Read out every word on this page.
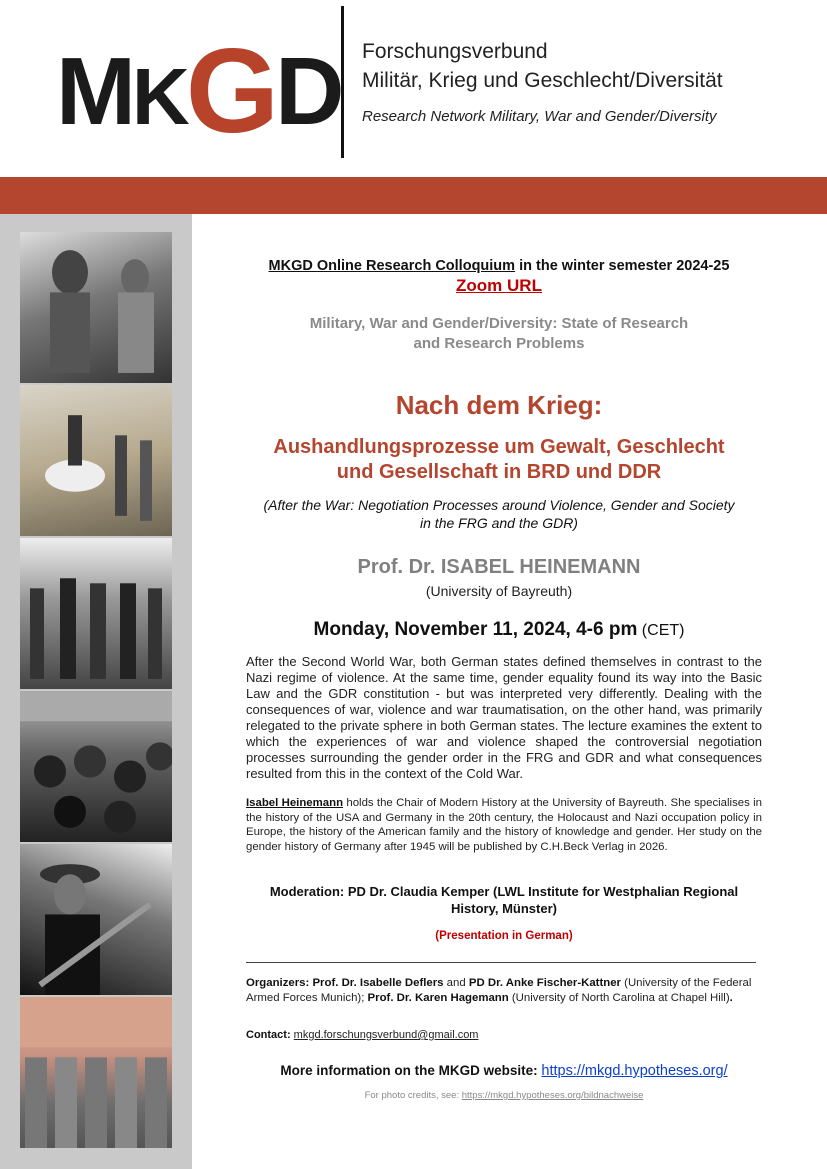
MKGD Forschungsverbund
Militär, Krieg und Geschlecht/Diversität
Research Network Military, War and Gender/Diversity
MKGD Online Research Colloquium in the winter semester 2024-25
Zoom URL
Military, War and Gender/Diversity: State of Research
and Research Problems
Nach dem Krieg:
Aushandlungsprozesse um Gewalt, Geschlecht
und Gesellschaft in BRD und DDR
(After the War: Negotiation Processes around Violence, Gender and Society
in the FRG and the GDR)
Prof. Dr. ISABEL HEINEMANN
(University of Bayreuth)
Monday, November 11, 2024, 4-6 pm (CET)
After the Second World War, both German states defined themselves in contrast to the Nazi regime of violence. At the same time, gender equality found its way into the Basic Law and the GDR constitution - but was interpreted very differently. Dealing with the consequences of war, violence and war traumatisation, on the other hand, was primarily relegated to the private sphere in both German states. The lecture examines the extent to which the experiences of war and violence shaped the controversial negotiation processes surrounding the gender order in the FRG and GDR and what consequences resulted from this in the context of the Cold War.
Isabel Heinemann holds the Chair of Modern History at the University of Bayreuth. She specialises in the history of the USA and Germany in the 20th century, the Holocaust and Nazi occupation policy in Europe, the history of the American family and the history of knowledge and gender. Her study on the gender history of Germany after 1945 will be published by C.H.Beck Verlag in 2026.
Moderation: PD Dr. Claudia Kemper (LWL Institute for Westphalian Regional History, Münster)
(Presentation in German)
Organizers: Prof. Dr. Isabelle Deflers and PD Dr. Anke Fischer-Kattner (University of the Federal Armed Forces Munich); Prof. Dr. Karen Hagemann (University of North Carolina at Chapel Hill).
Contact: mkgd.forschungsverbund@gmail.com
More information on the MKGD website: https://mkgd.hypotheses.org/
For photo credits, see: https://mkgd.hypotheses.org/bildnachweise
